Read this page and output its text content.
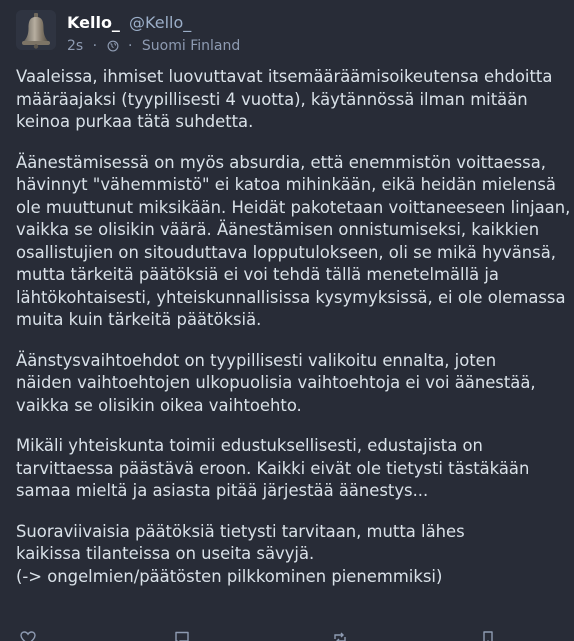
Kello_ @Kello_
2s · · Suomi Finland

Vaaleissa, ihmiset luovuttavat itsemääräämisoikeutensa ehdoitta
määräajaksi (tyypillisesti 4 vuotta), käytännössä ilman mitään
keinoa purkaa tätä suhdetta.

Äänestämisessä on myös absurdia, että enemmistön voittaessa,
hävinnyt "vähemmistö" ei katoa mihinkään, eikä heidän mielensä
ole muuttunut miksikään. Heidät pakotetaan voittaneeseen linjaan,
vaikka se olisikin väärä. Äänestämisen onnistumiseksi, kaikkien
osallistujien on sitouduttava lopputulokseen, oli se mikä hyvänsä,
mutta tärkeitä päätöksiä ei voi tehdä tällä menetelmällä ja
lähtökohtaisesti, yhteiskunnallisissa kysymyksissä, ei ole olemassa
muita kuin tärkeitä päätöksiä.

Äänstysvaihtoehdot on tyypillisesti valikoitu ennalta, joten
näiden vaihtoehtojen ulkopuolisia vaihtoehtoja ei voi äänestää,
vaikka se olisikin oikea vaihtoehto.

Mikäli yhteiskunta toimii edustuksellisesti, edustajista on
tarvittaessa päästävä eroon. Kaikki eivät ole tietysti tästäkään
samaa mieltä ja asiasta pitää järjestää äänestys...

Suoraviivaisia päätöksiä tietysti tarvitaan, mutta lähes
kaikissa tilanteissa on useita sävyjä.
(-> ongelmien/päätösten pilkkominen pienemmiksi)
